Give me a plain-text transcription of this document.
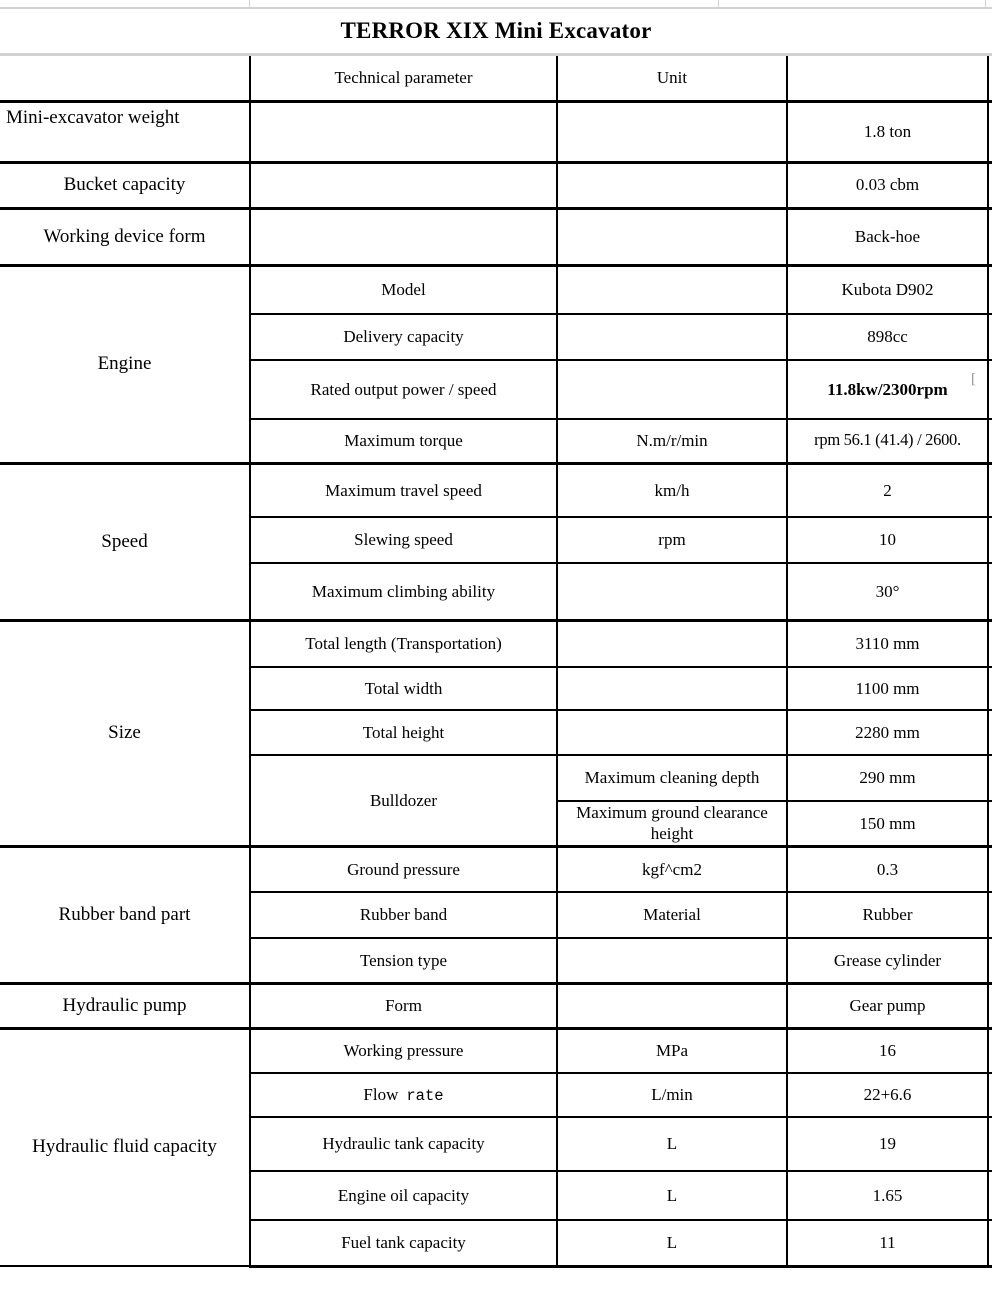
TERROR XIX Mini Excavator
	Technical parameter	Unit		
Mini-excavator weight			1.8 ton	
Bucket capacity			0.03 cbm	
Working device form			Back-hoe	
Engine	Model		Kubota D902	
	Delivery capacity		898cc	
	Rated output power / speed		11.8kw/2300rpm
[	

	Maximum torque	N.m/r/min	rpm 56.1 (41.4) / 2600.	
Speed	Maximum travel speed	km/h	2	
	Slewing speed	rpm	10	
	Maximum climbing ability		30°	
Size	Total length (Transportation)		3110 mm	
	Total width		1100 mm	
	Total height		2280 mm	
	Bulldozer	Maximum cleaning depth	290 mm	
		Maximum ground clearance height	150 mm	
Rubber band part	Ground pressure	kgf^cm2	0.3	
	Rubber band	Material	Rubber	
	Tension type		Grease cylinder	
Hydraulic pump	Form		Gear pump	
Hydraulic fluid capacity	Working pressure	MPa	16	
	Flow rate	L/min	22+6.6	
	Hydraulic tank capacity	L	19	
	Engine oil capacity	L	1.65	
	Fuel tank capacity	L	11	
